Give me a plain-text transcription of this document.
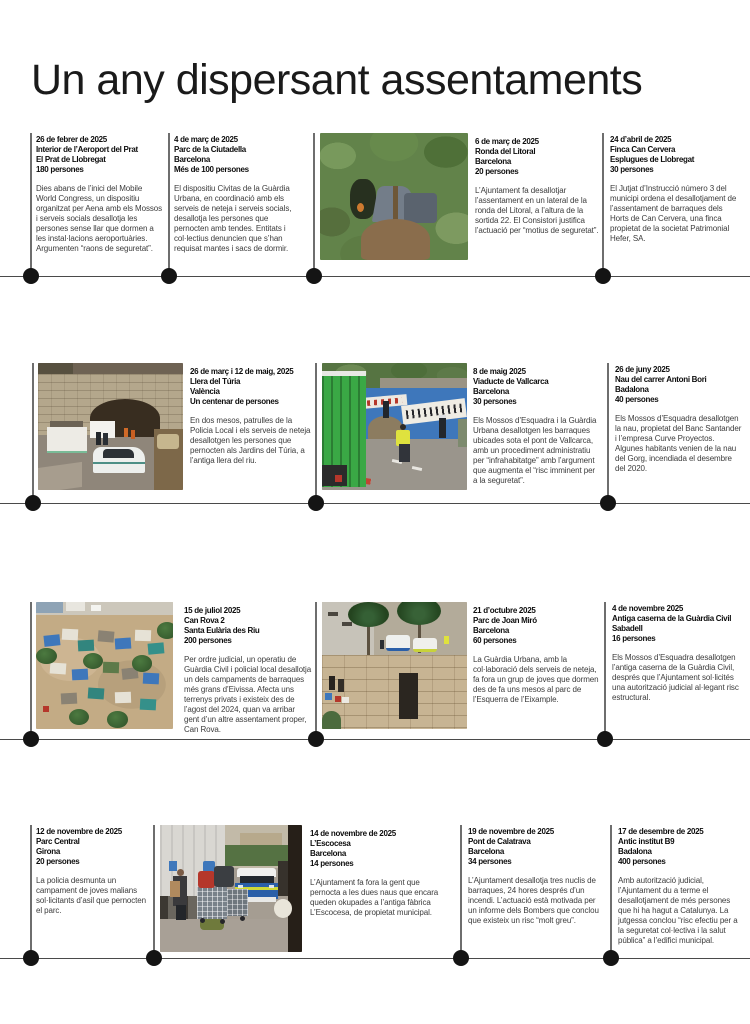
Un any dispersant assentaments
26 de febrer de 2025
Interior de l’Aeroport del Prat
El Prat de Llobregat
180 persones

Dies abans de l’inici del Mobile World Congress, un dispositiu organitzat per Aena amb els Mossos i serveis socials desallotja les persones sense llar que dormen a les instal·lacions aeroportuàries. Argumenten “raons de seguretat”.

4 de març de 2025
Parc de la Ciutadella
Barcelona
Més de 100 persones

El dispositiu Civitas de la Guàrdia Urbana, en coordinació amb els serveis de neteja i serveis socials, desallotja les persones que pernocten amb tendes. Entitats i col·lectius denuncien que s’han requisat mantes i sacs de dormir.

6 de març de 2025
Ronda del Litoral
Barcelona
20 persones

L’Ajuntament fa desallotjar l’assentament en un lateral de la ronda del Litoral, a l’altura de la sortida 22. El Consistori justifica l’actuació per “motius de seguretat”.

24 d’abril de 2025
Finca Can Cervera
Esplugues de Llobregat
30 persones

El Jutjat d’Instrucció número 3 del municipi ordena el desallotjament de l’assentament de barraques dels Horts de Can Cervera, una finca propietat de la societat Patrimonial Hefer, SA.

26 de març i 12 de maig, 2025
Llera del Túria
València
Un centenar de persones

En dos mesos, patrulles de la Policia Local i els serveis de neteja desallotgen les persones que pernocten als Jardins del Túria, a l’antiga llera del riu.

8 de maig 2025
Viaducte de Vallcarca
Barcelona
30 persones

Els Mossos d’Esquadra i la Guàrdia Urbana desallotgen les barraques ubicades sota el pont de Vallcarca, amb un procediment administratiu per “infrahabitatge” amb l’argument que augmenta el “risc imminent per a la seguretat”.

26 de juny 2025
Nau del carrer Antoni Bori
Badalona
40 persones

Els Mossos d’Esquadra desallotgen la nau, propietat del Banc Santander i l’empresa Curve Proyectos. Algunes habitants venien de la nau del Gorg, incendiada el desembre del 2020.

15 de juliol 2025
Can Rova 2
Santa Eulària des Riu
200 persones

Per ordre judicial, un operatiu de Guàrdia Civil i policial local desallotja un dels campaments de barraques més grans d’Eivissa. Afecta uns terrenys privats i existeix des de l’agost del 2024, quan va arribar gent d’un altre assentament proper, Can Rova.

21 d’octubre 2025
Parc de Joan Miró
Barcelona
60 persones

La Guàrdia Urbana, amb la col·laboració dels serveis de neteja, fa fora un grup de joves que dormen des de fa uns mesos al parc de l’Esquerra de l’Eixample.

4 de novembre 2025
Antiga caserna de la Guàrdia Civil
Sabadell
16 persones

Els Mossos d’Esquadra desallotgen l’antiga caserna de la Guàrdia Civil, després que l’Ajuntament sol·licités una autorització judicial al·legant risc estructural.

12 de novembre de 2025
Parc Central
Girona
20 persones

La policia desmunta un campament de joves malians sol·licitants d’asil que pernocten el parc.

14 de novembre de 2025
L’Escocesa
Barcelona
14 persones

L’Ajuntament fa fora la gent que pernocta a les dues naus que encara queden okupades a l’antiga fàbrica L’Escocesa, de propietat municipal.

19 de novembre de 2025
Pont de Calatrava
Barcelona
34 persones

L’Ajuntament desallotja tres nuclis de barraques, 24 hores després d’un incendi. L’actuació està motivada per un informe dels Bombers que conclou que existeix un risc “molt greu”.

17 de desembre de 2025
Antic institut B9
Badalona
400 persones

Amb autorització judicial, l’Ajuntament du a terme el desallotjament de més persones que hi ha hagut a Catalunya. La jutgessa conclou “risc efectiu per a la seguretat col·lectiva i la salut pública” a l’edifici municipal.
